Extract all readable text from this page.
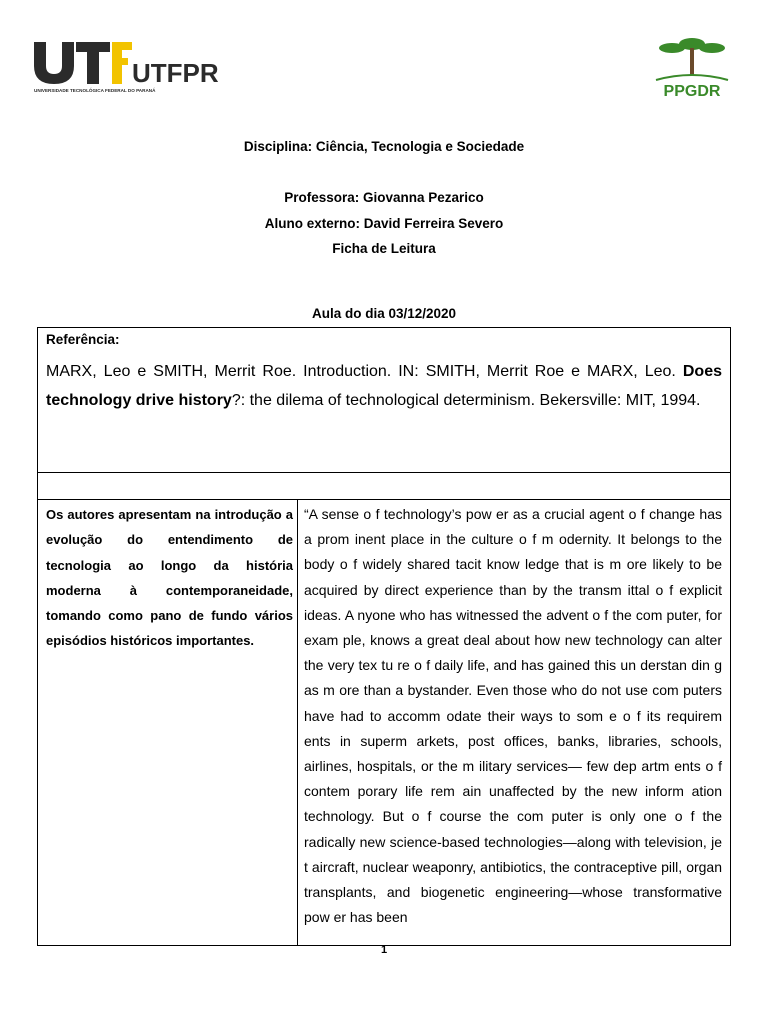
UTFPR
UNIVERSIDADE TECNOLÓGICA FEDERAL DO PARANÁ	PPGDR
Disciplina: Ciência, Tecnologia e Sociedade
Professora: Giovanna Pezarico
Aluno externo: David Ferreira Severo
Ficha de Leitura
Aula do dia 03/12/2020
Referência:
MARX, Leo e SMITH, Merrit Roe. Introduction. IN: SMITH, Merrit Roe e MARX, Leo. Does technology drive history?: the dilema of technological determinism. Bekersville: MIT, 1994.

Os autores apresentam na introdução a evolução do entendimento de tecnologia ao longo da história moderna à contemporaneidade, tomando como pano de fundo vários episódios históricos importantes.

“A sense o f technology’s pow er as a crucial agent o f change has a prom inent place in the culture o f m odernity. It belongs to the body o f widely shared tacit know ledge that is m ore likely to be acquired by direct experience than by the transm ittal o f explicit ideas. A nyone who has witnessed the advent o f the com puter, for exam ple, knows a great deal about how new technology can alter the very tex tu re o f daily life, and has gained this un derstan din g as m ore than a bystander. Even those who do not use com puters have had to accomm odate their ways to som e o f its requirem ents in superm arkets, post offices, banks, libraries, schools, airlines, hospitals, or the m ilitary services— few dep artm ents o f contem porary life rem ain unaffected by the new inform ation technology. But o f course the com puter is only one o f the radically new science-based technologies—along with television, je t aircraft, nuclear weaponry, antibiotics, the contraceptive pill, organ transplants, and biogenetic engineering—whose transformative pow er has been
1
